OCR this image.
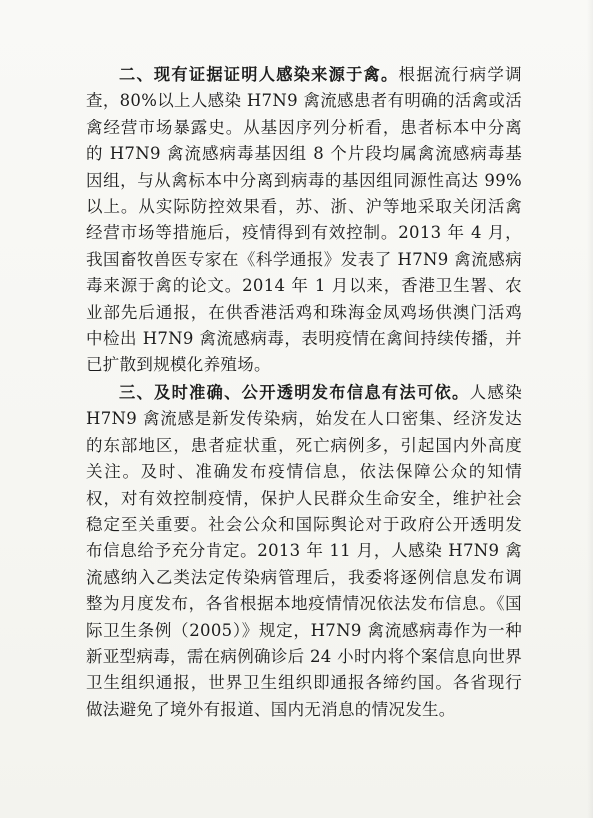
二、现有证据证明人感染来源于禽。根据流行病学调查，80%以上人感染 H7N9 禽流感患者有明确的活禽或活禽经营市场暴露史。从基因序列分析看，患者标本中分离的 H7N9 禽流感病毒基因组 8 个片段均属禽流感病毒基因组，与从禽标本中分离到病毒的基因组同源性高达 99%以上。从实际防控效果看，苏、浙、沪等地采取关闭活禽经营市场等措施后，疫情得到有效控制。2013 年 4 月，我国畜牧兽医专家在《科学通报》发表了 H7N9 禽流感病毒来源于禽的论文。2014 年 1 月以来，香港卫生署、农业部先后通报，在供香港活鸡和珠海金凤鸡场供澳门活鸡中检出 H7N9 禽流感病毒，表明疫情在禽间持续传播，并已扩散到规模化养殖场。

三、及时准确、公开透明发布信息有法可依。人感染 H7N9 禽流感是新发传染病，始发在人口密集、经济发达的东部地区，患者症状重，死亡病例多，引起国内外高度关注。及时、准确发布疫情信息，依法保障公众的知情权，对有效控制疫情，保护人民群众生命安全，维护社会稳定至关重要。社会公众和国际舆论对于政府公开透明发布信息给予充分肯定。2013 年 11 月，人感染 H7N9 禽流感纳入乙类法定传染病管理后，我委将逐例信息发布调整为月度发布，各省根据本地疫情情况依法发布信息。《国际卫生条例（2005）》规定，H7N9 禽流感病毒作为一种新亚型病毒，需在病例确诊后 24 小时内将个案信息向世界卫生组织通报，世界卫生组织即通报各缔约国。各省现行做法避免了境外有报道、国内无消息的情况发生。
